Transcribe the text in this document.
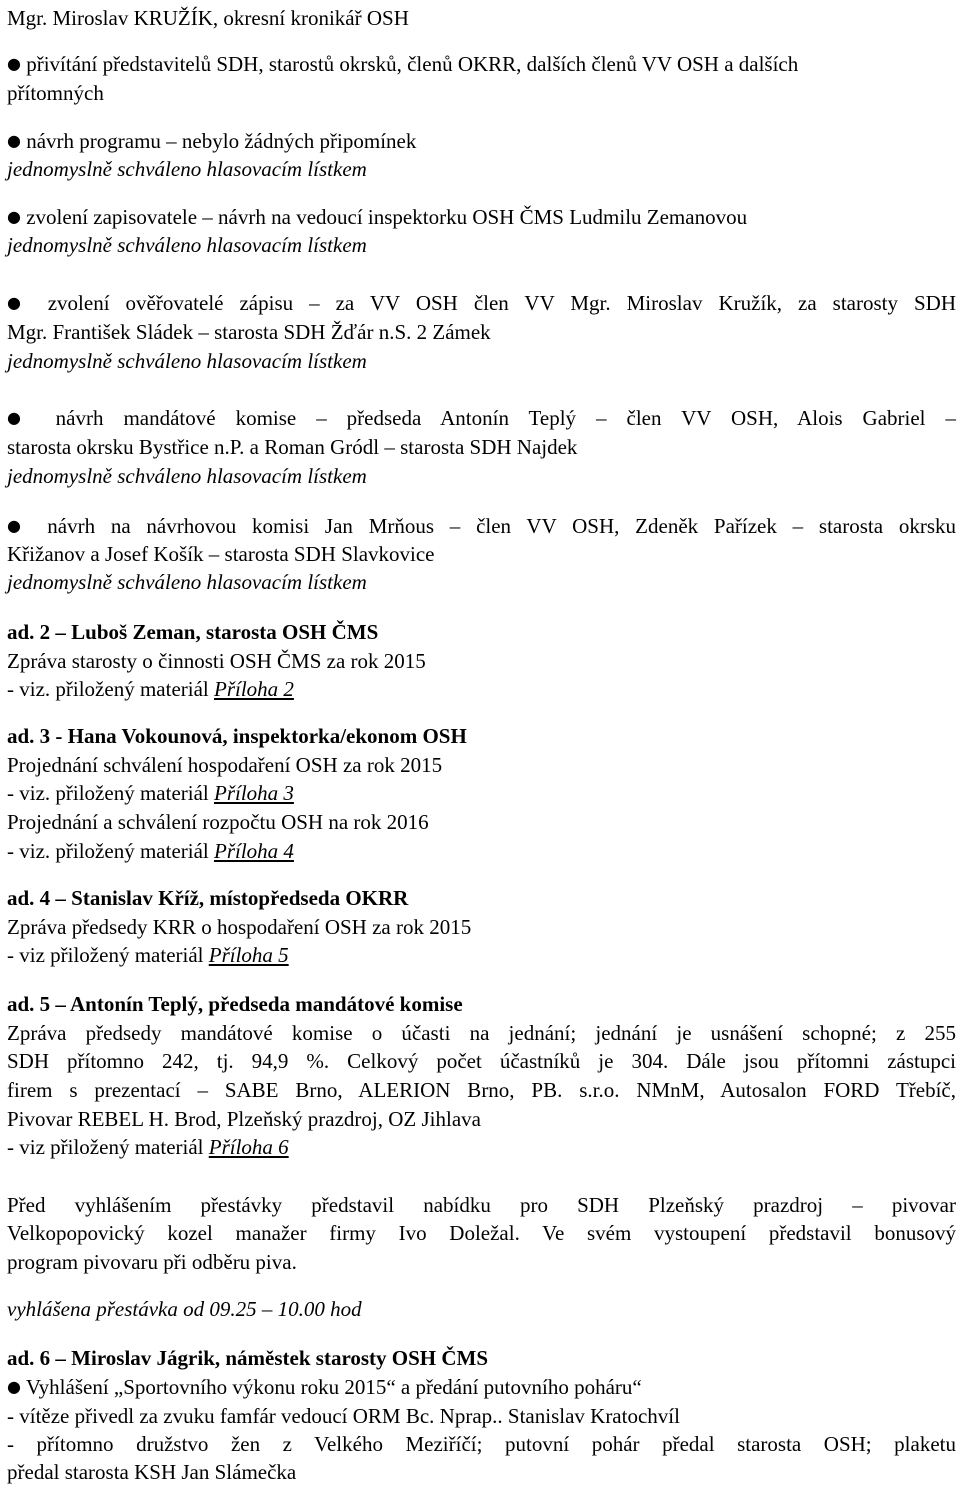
Mgr. Miroslav KRUŽÍK, okresní kronikář OSH
● přivítání představitelů SDH, starostů okrsků, členů OKRR, dalších členů VV OSH a dalších
přítomných
● návrh programu – nebylo žádných připomínek
jednomyslně schváleno hlasovacím lístkem
● zvolení zapisovatele – návrh na vedoucí inspektorku OSH ČMS Ludmilu Zemanovou
jednomyslně schváleno hlasovacím lístkem
● zvolení ověřovatelé zápisu – za VV OSH člen VV Mgr. Miroslav Kružík, za starosty SDH
Mgr. František Sládek – starosta SDH Žďár n.S. 2 Zámek
jednomyslně schváleno hlasovacím lístkem
● návrh mandátové komise – předseda Antonín Teplý – člen VV OSH, Alois Gabriel –
starosta okrsku Bystřice n.P. a Roman Gródl – starosta SDH Najdek
jednomyslně schváleno hlasovacím lístkem
● návrh na návrhovou komisi Jan Mrňous – člen VV OSH, Zdeněk Pařízek – starosta okrsku
Křižanov a Josef Košík – starosta SDH Slavkovice
jednomyslně schváleno hlasovacím lístkem
ad. 2 – Luboš Zeman, starosta OSH ČMS
Zpráva starosty o činnosti OSH ČMS za rok 2015
- viz. přiložený materiál Příloha 2
ad. 3 - Hana Vokounová, inspektorka/ekonom OSH
Projednání schválení hospodaření OSH za rok 2015
- viz. přiložený materiál Příloha 3
Projednání a schválení rozpočtu OSH na rok 2016
- viz. přiložený materiál Příloha 4
ad. 4 – Stanislav Kříž, místopředseda OKRR
Zpráva předsedy KRR o hospodaření OSH za rok 2015
- viz přiložený materiál Příloha 5
ad. 5 – Antonín Teplý, předseda mandátové komise
Zpráva předsedy mandátové komise o účasti na jednání; jednání je usnášení schopné; z 255
SDH přítomno 242, tj. 94,9 %. Celkový počet účastníků je 304. Dále jsou přítomni zástupci
firem s prezentací – SABE Brno, ALERION Brno, PB. s.r.o. NMnM, Autosalon FORD Třebíč,
Pivovar REBEL H. Brod, Plzeňský prazdroj, OZ Jihlava
- viz přiložený materiál Příloha 6
Před vyhlášením přestávky představil nabídku pro SDH Plzeňský prazdroj – pivovar
Velkopopovický kozel manažer firmy Ivo Doležal. Ve svém vystoupení představil bonusový
program pivovaru při odběru piva.
vyhlášena přestávka od 09.25 – 10.00 hod
ad. 6 – Miroslav Jágrik, náměstek starosty OSH ČMS
● Vyhlášení „Sportovního výkonu roku 2015“ a předání putovního poháru“
- vítěze přivedl za zvuku famfár vedoucí ORM Bc. Nprap.. Stanislav Kratochvíl
- přítomno družstvo žen z Velkého Meziříčí; putovní pohár předal starosta OSH; plaketu
předal starosta KSH Jan Slámečka
